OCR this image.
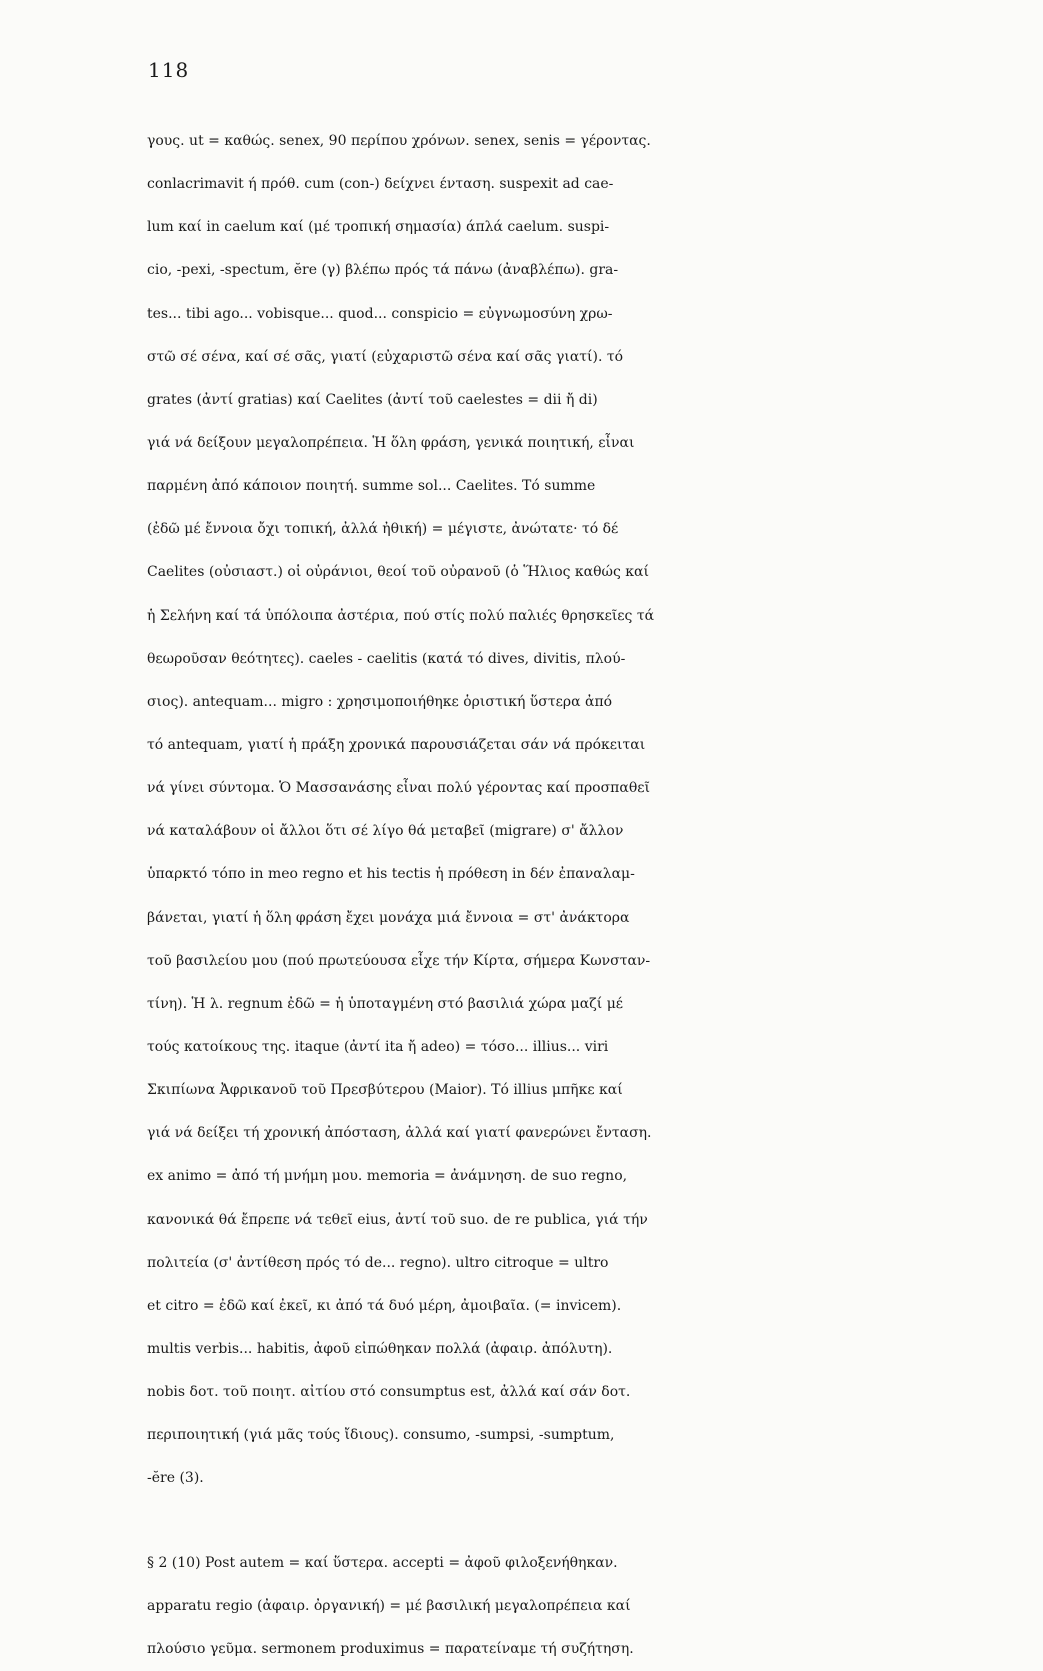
118
γους. ut = καθώς. senex, 90 περίπου χρόνων. senex, senis = γέροντας.
conlacrimavit ή πρόθ. cum (con-) δείχνει ένταση. suspexit ad cae-
lum καί in caelum καί (μέ τροπική σημασία) άπλά caelum. suspi-
cio, -pexi, -spectum, ĕre (γ) βλέπω πρός τά πάνω (ἀναβλέπω). gra-
tes... tibi ago... vobisque... quod... conspicio = εὐγνωμοσύνη χρω-
στῶ σέ σένα, καί σέ σᾶς, γιατί (εὐχαριστῶ σένα καί σᾶς γιατί). τό
grates (ἀντί gratias) καί Caelites (ἀντί τοῦ caelestes = dii ἤ di)
γιά νά δείξουν μεγαλοπρέπεια. Ἡ ὅλη φράση, γενικά ποιητική, εἶναι
παρμένη ἀπό κάποιον ποιητή. summe sol... Caelites. Τό summe
(ἐδῶ μέ ἔννοια ὄχι τοπική, ἀλλά ἠθική) = μέγιστε, ἀνώτατε· τό δέ
Caelites (οὐσιαστ.) οἱ οὐράνιοι, θεοί τοῦ οὐρανοῦ (ὁ Ἥλιος καθώς καί
ἡ Σελήνη καί τά ὑπόλοιπα ἀστέρια, πού στίς πολύ παλιές θρησκεῖες τά
θεωροῦσαν θεότητες). caeles - caelitis (κατά τό dives, divitis, πλού-
σιος). antequam... migro : χρησιμοποιήθηκε ὁριστική ὕστερα ἀπό
τό antequam, γιατί ἡ πράξη χρονικά παρουσιάζεται σάν νά πρόκειται
νά γίνει σύντομα. Ὁ Μασσανάσης εἶναι πολύ γέροντας καί προσπαθεῖ
νά καταλάβουν οἱ ἄλλοι ὅτι σέ λίγο θά μεταβεῖ (migrare) σ' ἄλλον
ὑπαρκτό τόπο in meo regno et his tectis ἡ πρόθεση in δέν ἐπαναλαμ-
βάνεται, γιατί ἡ ὅλη φράση ἔχει μονάχα μιά ἔννοια = στ' ἀνάκτορα
τοῦ βασιλείου μου (πού πρωτεύουσα εἶχε τήν Κίρτα, σήμερα Κωνσταν-
τίνη). Ἡ λ. regnum ἐδῶ = ἡ ὑποταγμένη στό βασιλιά χώρα μαζί μέ
τούς κατοίκους της. itaque (ἀντί ita ἤ adeo) = τόσο... illius... viri
Σκιπίωνα Ἀφρικανοῦ τοῦ Πρεσβύτερου (Maior). Τό illius μπῆκε καί
γιά νά δείξει τή χρονική ἀπόσταση, ἀλλά καί γιατί φανερώνει ἔνταση.
ex animo = ἀπό τή μνήμη μου. memoria = ἀνάμνηση. de suo regno,
κανονικά θά ἔπρεπε νά τεθεῖ eius, ἀντί τοῦ suo. de re publica, γιά τήν
πολιτεία (σ' ἀντίθεση πρός τό de... regno). ultro citroque = ultro
et citro = ἐδῶ καί ἐκεῖ, κι ἀπό τά δυό μέρη, ἀμοιβαῖα. (= invicem).
multis verbis... habitis, ἀφοῦ εἰπώθηκαν πολλά (ἀφαιρ. ἀπόλυτη).
nobis δοτ. τοῦ ποιητ. αἰτίου στό consumptus est, ἀλλά καί σάν δοτ.
περιποιητική (γιά μᾶς τούς ἴδιους). consumo, -sumpsi, -sumptum,
-ĕre (3).
§ 2 (10) Post autem = καί ὕστερα. accepti = ἀφοῦ φιλοξενήθηκαν.
apparatu regio (ἀφαιρ. ὀργανική) = μέ βασιλική μεγαλοπρέπεια καί
πλούσιο γεῦμα. sermonem produximus = παρατείναμε τή συζήτηση.
